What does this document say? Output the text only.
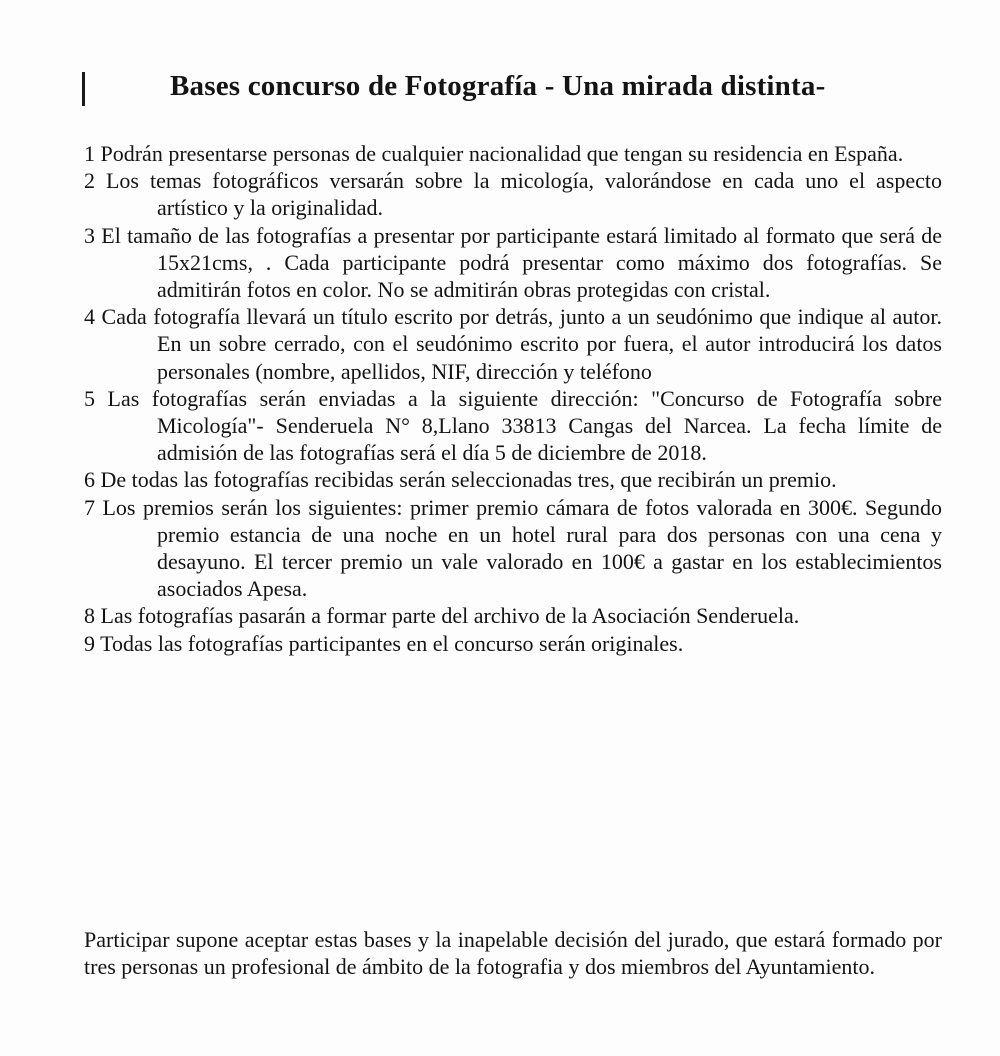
Bases concurso de Fotografía - Una mirada distinta-
1 Podrán presentarse personas de cualquier nacionalidad que tengan su residencia en España.
2 Los temas fotográficos versarán sobre la micología, valorándose en cada uno el aspecto artístico y la originalidad.
3 El tamaño de las fotografías a presentar por participante estará limitado al formato que será de 15x21cms, . Cada participante podrá presentar como máximo dos fotografías. Se admitirán fotos en color. No se admitirán obras protegidas con cristal.
4 Cada fotografía llevará un título escrito por detrás, junto a un seudónimo que indique al autor. En un sobre cerrado, con el seudónimo escrito por fuera, el autor introducirá los datos personales (nombre, apellidos, NIF, dirección y teléfono
5 Las fotografías serán enviadas a la siguiente dirección: "Concurso de Fotografía sobre Micología"- Senderuela N° 8,Llano 33813 Cangas del Narcea. La fecha límite de admisión de las fotografías será el día 5 de diciembre de 2018.
6 De todas las fotografías recibidas serán seleccionadas tres, que recibirán un premio.
7 Los premios serán los siguientes: primer premio cámara de fotos valorada en 300€. Segundo premio estancia de una noche en un hotel rural para dos personas con una cena y desayuno. El tercer premio un vale valorado en 100€ a gastar en los establecimientos asociados Apesa.
8 Las fotografías pasarán a formar parte del archivo de la Asociación Senderuela.
9 Todas las fotografías participantes en el concurso serán originales.

Participar supone aceptar estas bases y la inapelable decisión del jurado, que estará formado por tres personas un profesional de ámbito de la fotografia y dos miembros del Ayuntamiento.
